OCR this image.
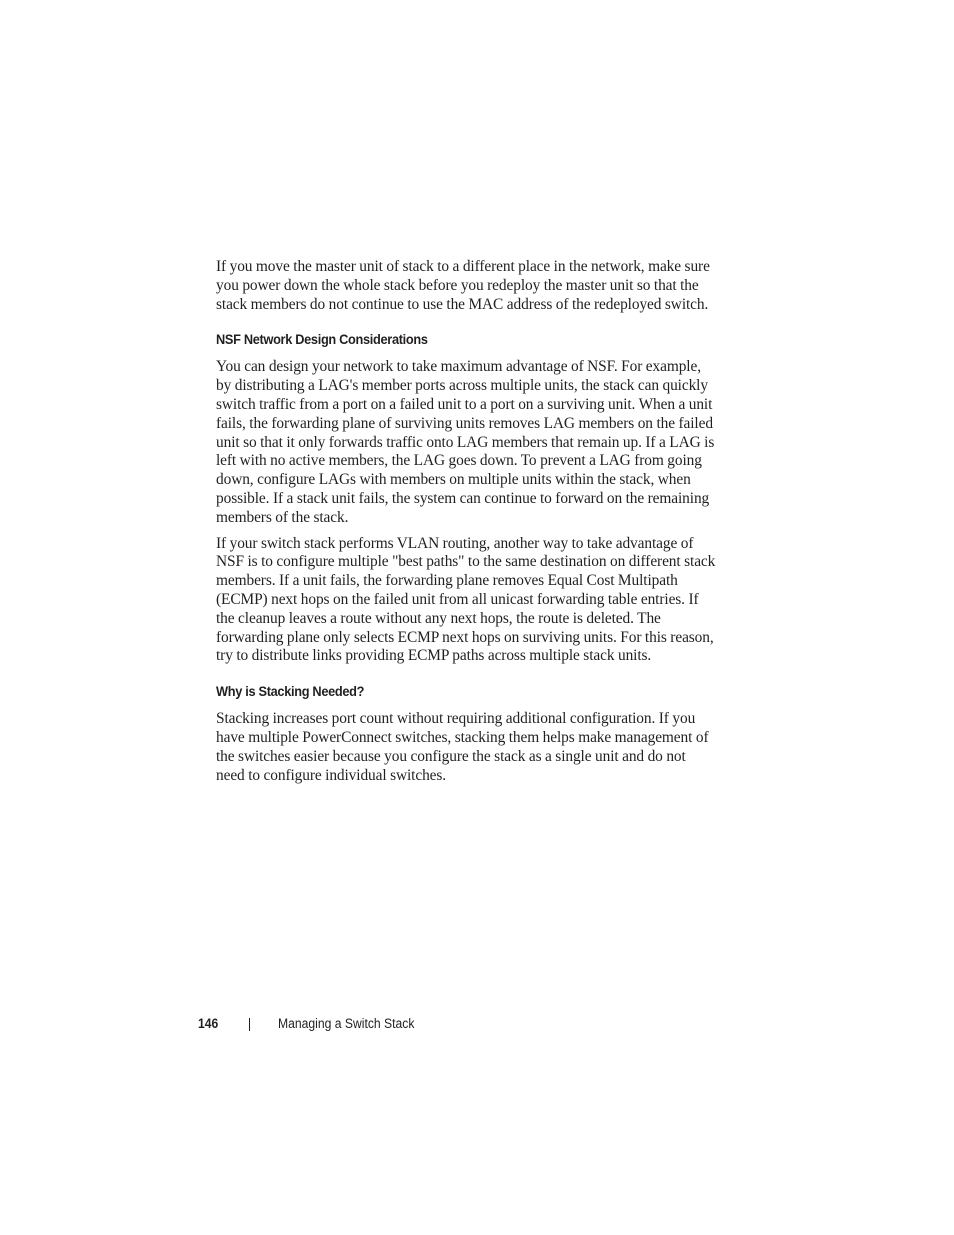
If you move the master unit of stack to a different place in the network, make sure you power down the whole stack before you redeploy the master unit so that the stack members do not continue to use the MAC address of the redeployed switch.

NSF Network Design Considerations

You can design your network to take maximum advantage of NSF. For example, by distributing a LAG's member ports across multiple units, the stack can quickly switch traffic from a port on a failed unit to a port on a surviving unit. When a unit fails, the forwarding plane of surviving units removes LAG members on the failed unit so that it only forwards traffic onto LAG members that remain up. If a LAG is left with no active members, the LAG goes down. To prevent a LAG from going down, configure LAGs with members on multiple units within the stack, when possible. If a stack unit fails, the system can continue to forward on the remaining members of the stack.

If your switch stack performs VLAN routing, another way to take advantage of NSF is to configure multiple "best paths" to the same destination on different stack members. If a unit fails, the forwarding plane removes Equal Cost Multipath (ECMP) next hops on the failed unit from all unicast forwarding table entries. If the cleanup leaves a route without any next hops, the route is deleted. The forwarding plane only selects ECMP next hops on surviving units. For this reason, try to distribute links providing ECMP paths across multiple stack units.

Why is Stacking Needed?

Stacking increases port count without requiring additional configuration. If you have multiple PowerConnect switches, stacking them helps make management of the switches easier because you configure the stack as a single unit and do not need to configure individual switches.

146	Managing a Switch Stack
